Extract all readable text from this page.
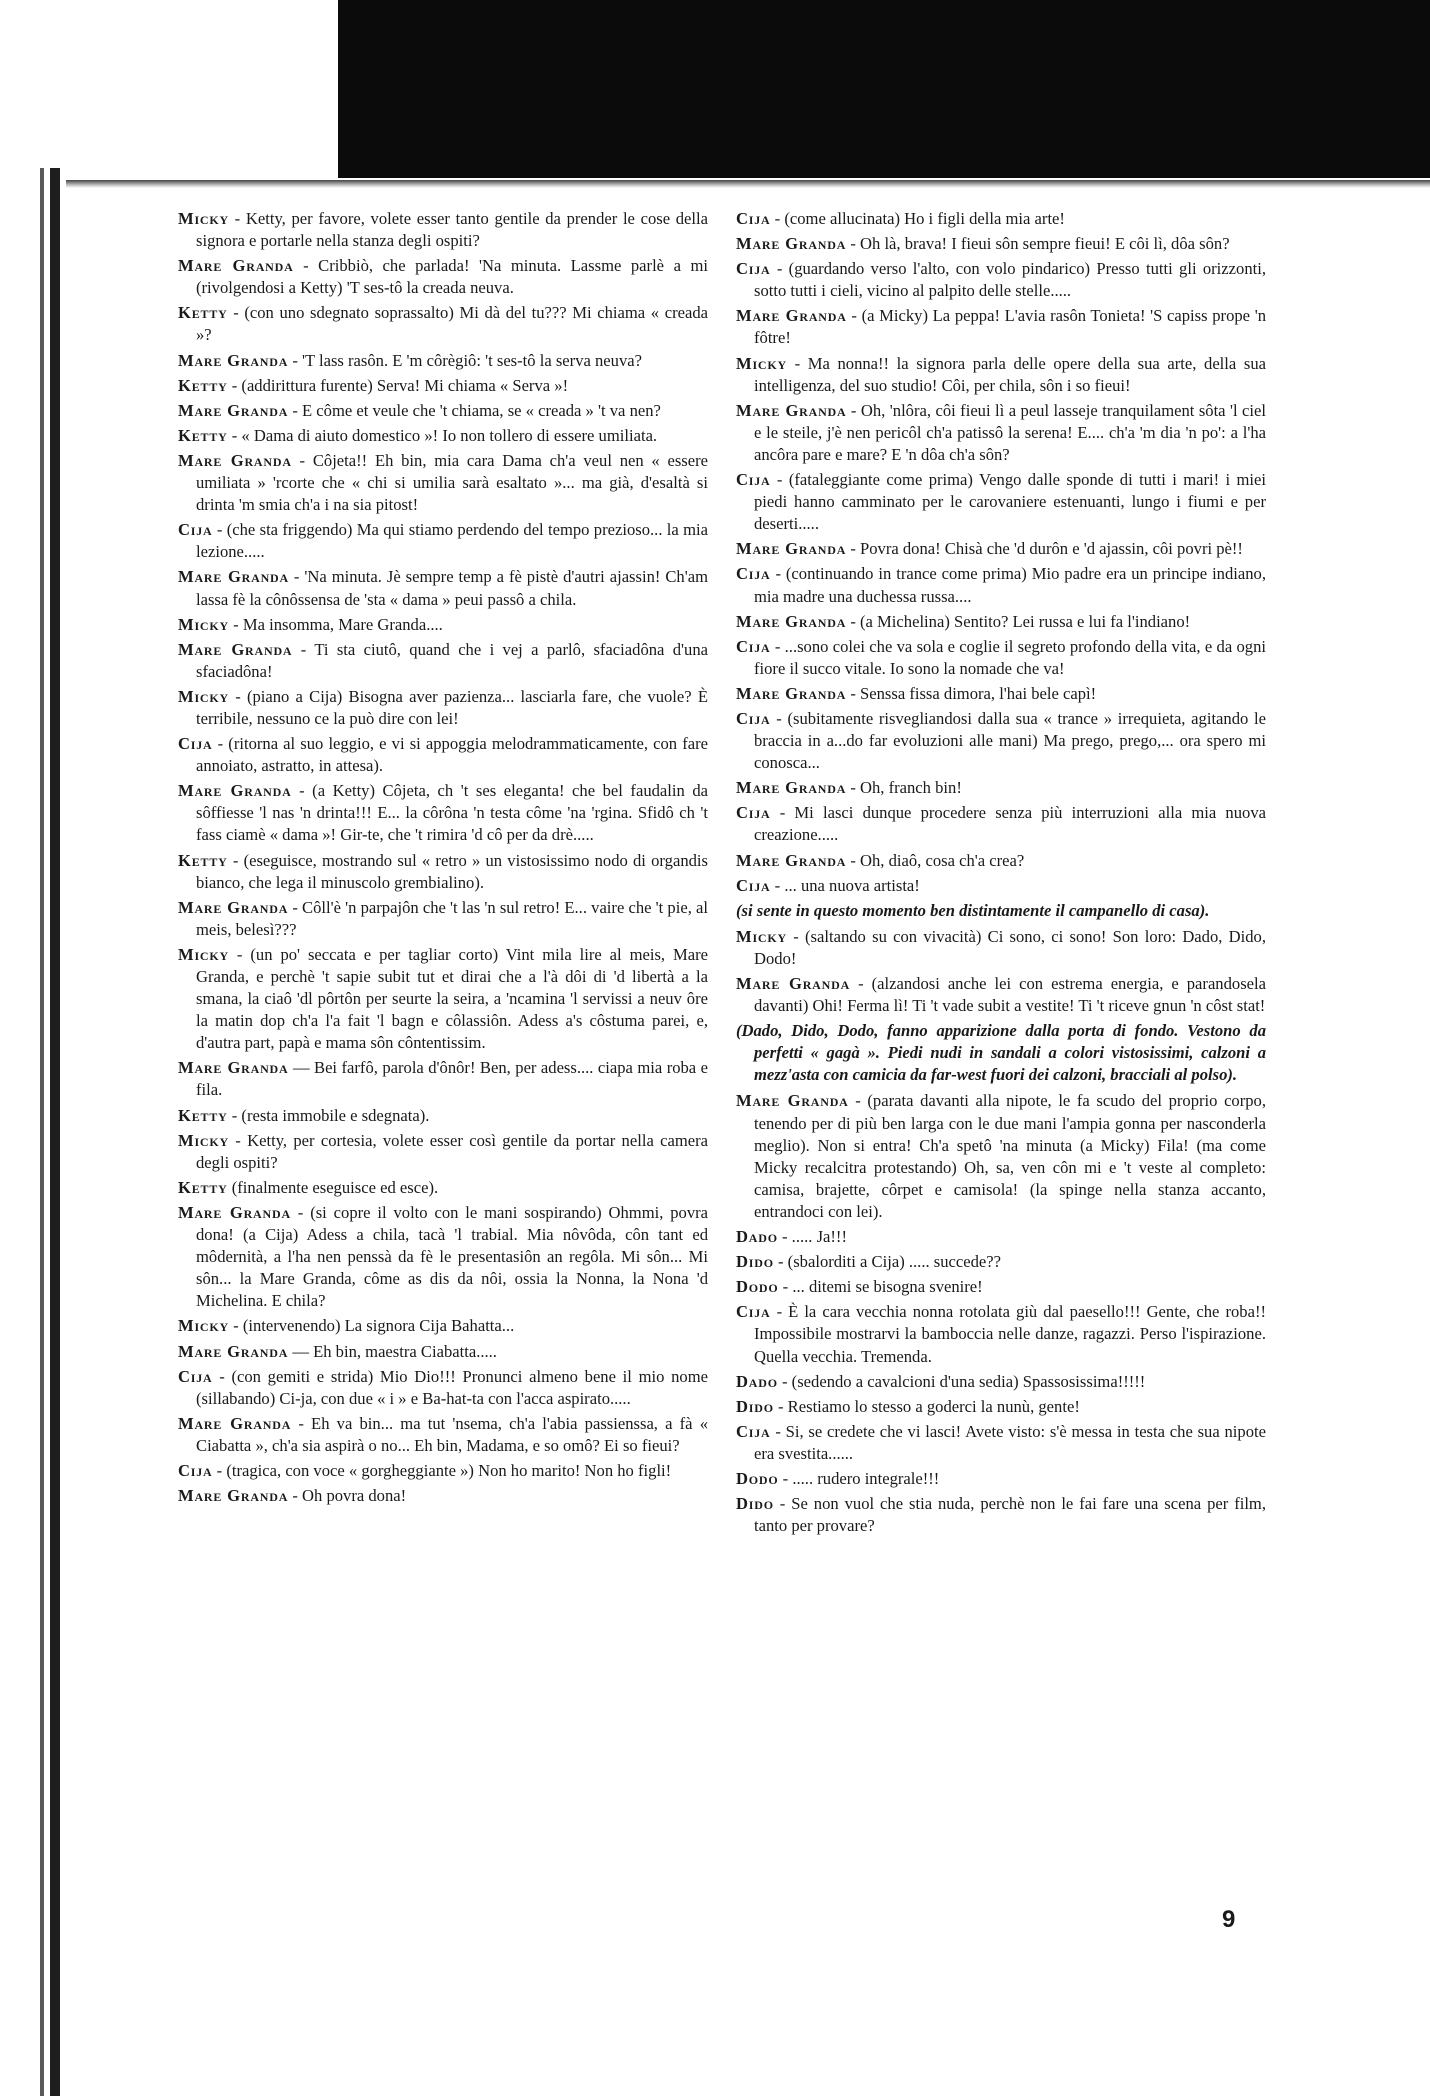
Micky - Ketty, per favore, volete esser tanto gentile da prender le cose della signora e portarle nella stanza degli ospiti?

Mare Granda - Cribbiò, che parlada! 'Na minuta. Lassme parlè a mi (rivolgendosi a Ketty) 'T ses-tô la creada neuva.

Ketty - (con uno sdegnato soprassalto) Mi dà del tu??? Mi chiama « creada »?

Mare Granda - 'T lass rasôn. E 'm côrègiô: 't ses-tô la serva neuva?

Ketty - (addirittura furente) Serva! Mi chiama « Serva »!

Mare Granda - E côme et veule che 't chiama, se « creada » 't va nen?

Ketty - « Dama di aiuto domestico »! Io non tollero di essere umiliata.

Mare Granda - Côjeta!! Eh bin, mia cara Dama ch'a veul nen « essere umiliata » 'rcorte che « chi si umilia sarà esaltato »... ma già, d'esaltà si drinta 'm smia ch'a i na sia pitost!

Cija - (che sta friggendo) Ma qui stiamo perdendo del tempo prezioso... la mia lezione.....

Mare Granda - 'Na minuta. Jè sempre temp a fè pistè d'autri ajassin! Ch'am lassa fè la cônôssensa de 'sta « dama » peui passô a chila.

Micky - Ma insomma, Mare Granda....

Mare Granda - Ti sta ciutô, quand che i vej a parlô, sfaciadôna d'una sfaciadôna!

Micky - (piano a Cija) Bisogna aver pazienza... lasciarla fare, che vuole? È terribile, nessuno ce la può dire con lei!

Cija - (ritorna al suo leggio, e vi si appoggia melodrammaticamente, con fare annoiato, astratto, in attesa).

Mare Granda - (a Ketty) Côjeta, ch 't ses eleganta! che bel faudalin da sôffiesse 'l nas 'n drinta!!! E... la côrôna 'n testa côme 'na 'rgina. Sfidô ch 't fass ciamè « dama »! Gir-te, che 't rimira 'd cô per da drè.....

Ketty - (eseguisce, mostrando sul « retro » un vistosissimo nodo di organdis bianco, che lega il minuscolo grembialino).

Mare Granda - Côll'è 'n parpajôn che 't las 'n sul retro! E... vaire che 't pie, al meis, belesì???

Micky - (un po' seccata e per tagliar corto) Vint mila lire al meis, Mare Granda, e perchè 't sapie subit tut et dirai che a l'à dôi di 'd libertà a la smana, la ciaô 'dl pôrtôn per seurte la seira, a 'ncamina 'l servissi a neuv ôre la matin dop ch'a l'a fait 'l bagn e côlassiôn. Adess a's côstuma parei, e, d'autra part, papà e mama sôn côntentissim.

Mare Granda — Bei farfô, parola d'ônôr! Ben, per adess.... ciapa mia roba e fila.

Ketty - (resta immobile e sdegnata).

Micky - Ketty, per cortesia, volete esser così gentile da portar nella camera degli ospiti?

Ketty (finalmente eseguisce ed esce).

Mare Granda - (si copre il volto con le mani sospirando) Ohmmi, povra dona! (a Cija) Adess a chila, tacà 'l trabial. Mia nôvôda, côn tant ed môdernità, a l'ha nen penssà da fè le presentasiôn an regôla. Mi sôn... Mi sôn... la Mare Granda, côme as dis da nôi, ossia la Nonna, la Nona 'd Michelina. E chila?

Micky - (intervenendo) La signora Cija Bahatta...

Mare Granda — Eh bin, maestra Ciabatta.....

Cija - (con gemiti e strida) Mio Dio!!! Pronunci almeno bene il mio nome (sillabando) Ci-ja, con due « i » e Ba-hat-ta con l'acca aspirato.....

Mare Granda - Eh va bin... ma tut 'nsema, ch'a l'abia passienssa, a fà « Ciabatta », ch'a sia aspirà o no... Eh bin, Madama, e so omô? Ei so fieui?

Cija - (tragica, con voce « gorgheggiante ») Non ho marito! Non ho figli!

Mare Granda - Oh povra dona!

Cija - (come allucinata) Ho i figli della mia arte!

Mare Granda - Oh là, brava! I fieui sôn sempre fieui! E côi lì, dôa sôn?

Cija - (guardando verso l'alto, con volo pindarico) Presso tutti gli orizzonti, sotto tutti i cieli, vicino al palpito delle stelle.....

Mare Granda - (a Micky) La peppa! L'avia rasôn Tonieta! 'S capiss prope 'n fôtre!

Micky - Ma nonna!! la signora parla delle opere della sua arte, della sua intelligenza, del suo studio! Côi, per chila, sôn i so fieui!

Mare Granda - Oh, 'nlôra, côi fieui lì a peul lasseje tranquilament sôta 'l ciel e le steile, j'è nen pericôl ch'a patissô la serena! E.... ch'a 'm dia 'n po': a l'ha ancôra pare e mare? E 'n dôa ch'a sôn?

Cija - (fataleggiante come prima) Vengo dalle sponde di tutti i mari! i miei piedi hanno camminato per le carovaniere estenuanti, lungo i fiumi e per deserti.....

Mare Granda - Povra dona! Chisà che 'd durôn e 'd ajassin, côi povri pè!!

Cija - (continuando in trance come prima) Mio padre era un principe indiano, mia madre una duchessa russa....

Mare Granda - (a Michelina) Sentito? Lei russa e lui fa l'indiano!

Cija - ...sono colei che va sola e coglie il segreto profondo della vita, e da ogni fiore il succo vitale. Io sono la nomade che va!

Mare Granda - Senssa fissa dimora, l'hai bele capì!

Cija - (subitamente risvegliandosi dalla sua « trance » irrequieta, agitando le braccia in a...do far evoluzioni alle mani) Ma prego, prego,... ora spero mi conosca...

Mare Granda - Oh, franch bin!

Cija - Mi lasci dunque procedere senza più interruzioni alla mia nuova creazione.....

Mare Granda - Oh, diaô, cosa ch'a crea?

Cija - ... una nuova artista!

(si sente in questo momento ben distintamente il campanello di casa).

Micky - (saltando su con vivacità) Ci sono, ci sono! Son loro: Dado, Dido, Dodo!

Mare Granda - (alzandosi anche lei con estrema energia, e parandosela davanti) Ohi! Ferma lì! Ti 't vade subit a vestite! Ti 't riceve gnun 'n côst stat!

(Dado, Dido, Dodo, fanno apparizione dalla porta di fondo. Vestono da perfetti « gagà ». Piedi nudi in sandali a colori vistosissimi, calzoni a mezz'asta con camicia da far-west fuori dei calzoni, bracciali al polso).

Mare Granda - (parata davanti alla nipote, le fa scudo del proprio corpo, tenendo per di più ben larga con le due mani l'ampia gonna per nasconderla meglio). Non si entra! Ch'a spetô 'na minuta (a Micky) Fila! (ma come Micky recalcitra protestando) Oh, sa, ven côn mi e 't veste al completo: camisa, brajette, côrpet e camisola! (la spinge nella stanza accanto, entrandoci con lei).

Dado - ..... Ja!!!

Dido - (sbalorditi a Cija) ..... succede??

Dodo - ... ditemi se bisogna svenire!

Cija - È la cara vecchia nonna rotolata giù dal paesello!!! Gente, che roba!! Impossibile mostrarvi la bamboccia nelle danze, ragazzi. Perso l'ispirazione. Quella vecchia. Tremenda.

Dado - (sedendo a cavalcioni d'una sedia) Spassosissima!!!!!

Dido - Restiamo lo stesso a goderci la nunù, gente!

Cija - Si, se credete che vi lasci! Avete visto: s'è messa in testa che sua nipote era svestita......

Dodo - ..... rudero integrale!!!

Dido - Se non vuol che stia nuda, perchè non le fai fare una scena per film, tanto per provare?

9
